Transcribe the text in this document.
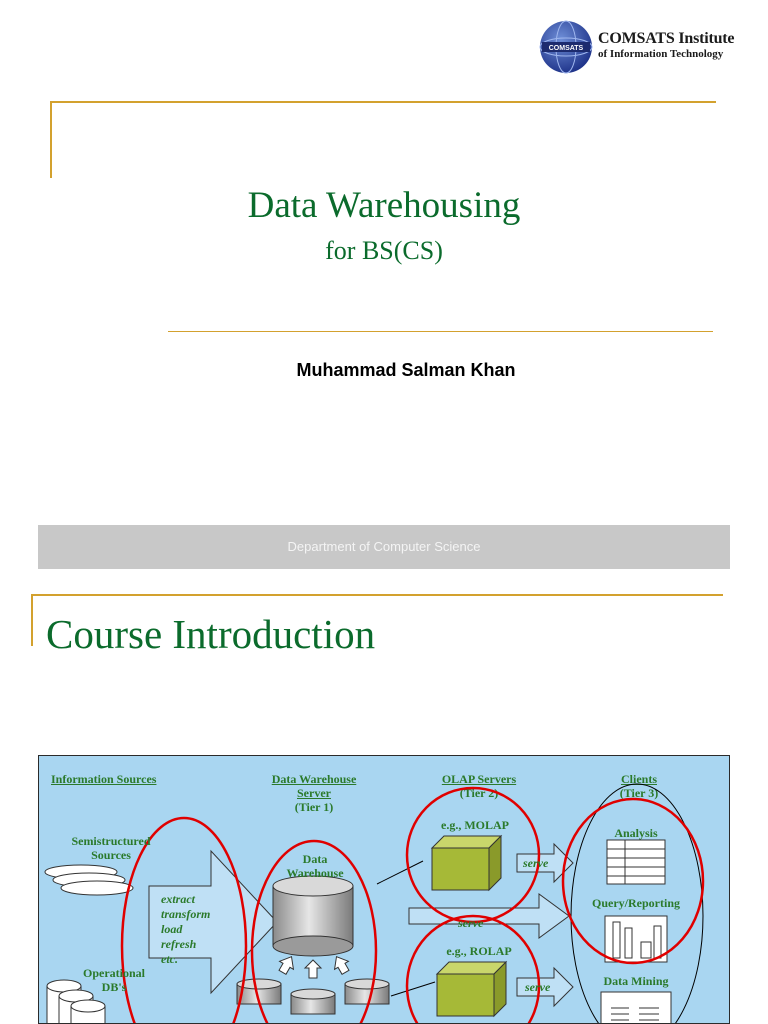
COMSATS
COMSATS Institute
of Information Technology
Data Warehousing
for BS(CS)
Muhammad Salman Khan
Department of Computer Science
Course Introduction
Information Sources	Data Warehouse
Server
(Tier 1)
OLAP Servers
(Tier 2)
Clients
(Tier 3)
Semistructured
Sources
Operational
DB's
extract
transform
load
refresh
etc.
Data
Warehouse
e.g., MOLAP
e.g., ROLAP
serve
serve
serve
Analysis
Query/Reporting
Data Mining
